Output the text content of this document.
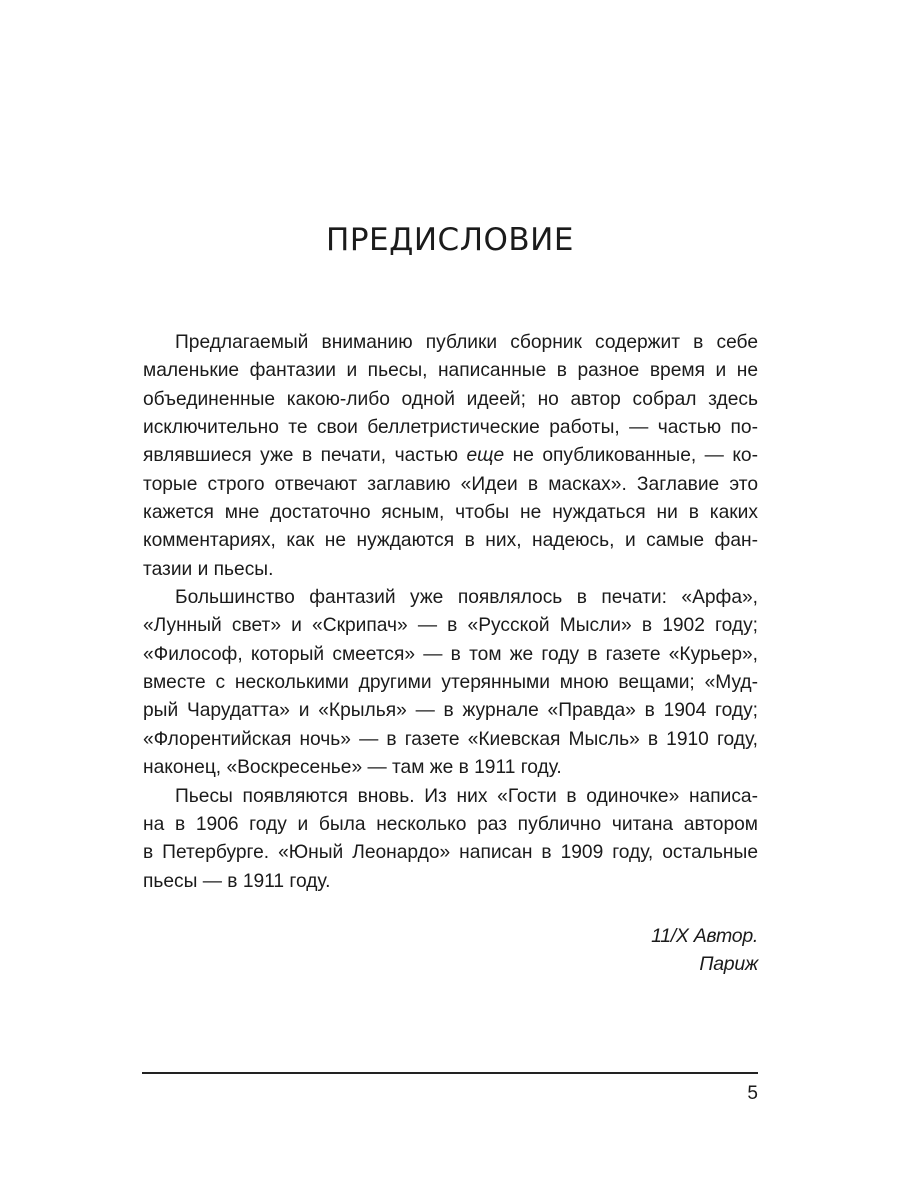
ПРЕДИСЛОВИЕ
Предлагаемый вниманию публики сборник содержит в себе
маленькие фантазии и пьесы, написанные в разное время и не
объединенные какою-либо одной идеей; но автор собрал здесь
исключительно те свои беллетристические работы, — частью по-
являвшиеся уже в печати, частью еще не опубликованные, — ко-
торые строго отвечают заглавию «Идеи в масках». Заглавие это
кажется мне достаточно ясным, чтобы не нуждаться ни в каких
комментариях, как не нуждаются в них, надеюсь, и самые фан-
тазии и пьесы.
Большинство фантазий уже появлялось в печати: «Арфа»,
«Лунный свет» и «Скрипач» — в «Русской Мысли» в 1902 году;
«Философ, который смеется» — в том же году в газете «Курьер»,
вместе с несколькими другими утерянными мною вещами; «Муд-
рый Чарудатта» и «Крылья» — в журнале «Правда» в 1904 году;
«Флорентийская ночь» — в газете «Киевская Мысль» в 1910 году,
наконец, «Воскресенье» — там же в 1911 году.
Пьесы появляются вновь. Из них «Гости в одиночке» написа-
на в 1906 году и была несколько раз публично читана автором
в Петербурге. «Юный Леонардо» написан в 1909 году, остальные
пьесы — в 1911 году.
11/X Автор.
Париж
5
